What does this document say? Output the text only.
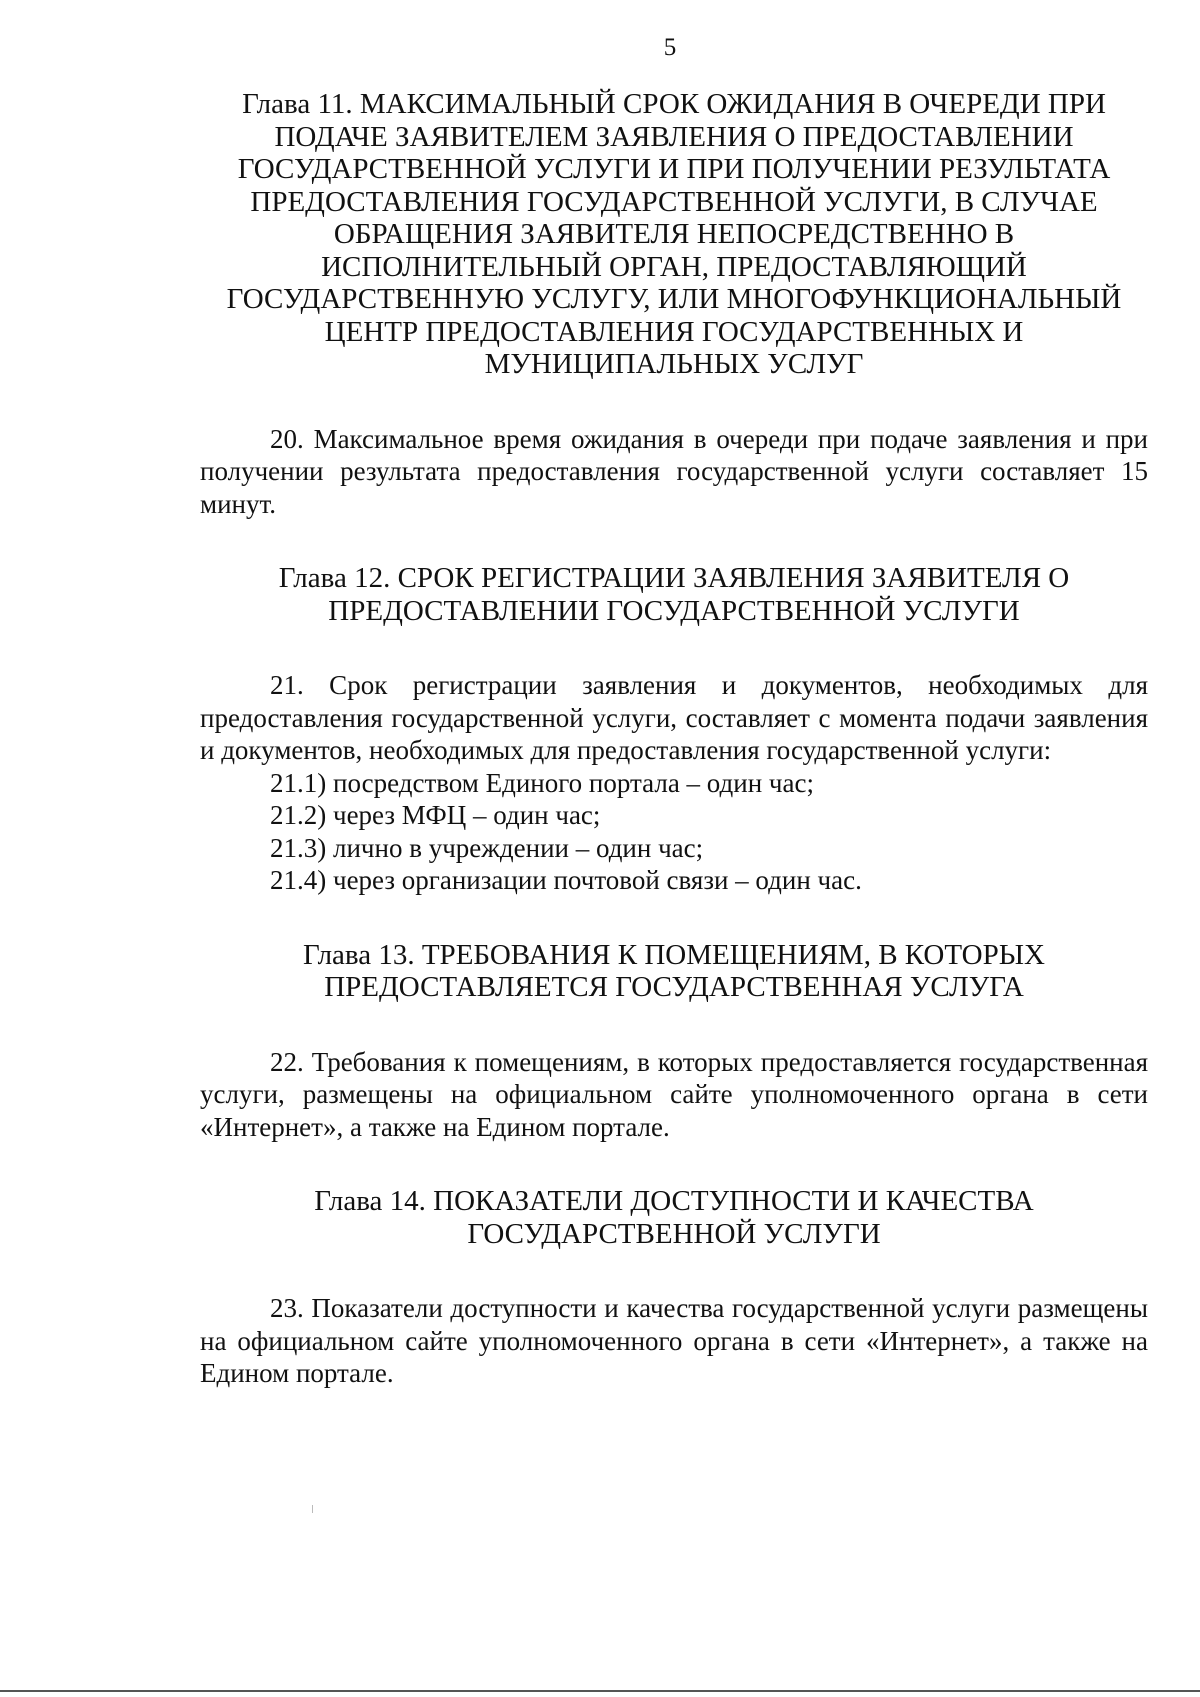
5
Глава 11. МАКСИМАЛЬНЫЙ СРОК ОЖИДАНИЯ В ОЧЕРЕДИ ПРИ ПОДАЧЕ ЗАЯВИТЕЛЕМ ЗАЯВЛЕНИЯ О ПРЕДОСТАВЛЕНИИ ГОСУДАРСТВЕННОЙ УСЛУГИ И ПРИ ПОЛУЧЕНИИ РЕЗУЛЬТАТА ПРЕДОСТАВЛЕНИЯ ГОСУДАРСТВЕННОЙ УСЛУГИ, В СЛУЧАЕ ОБРАЩЕНИЯ ЗАЯВИТЕЛЯ НЕПОСРЕДСТВЕННО В ИСПОЛНИТЕЛЬНЫЙ ОРГАН, ПРЕДОСТАВЛЯЮЩИЙ ГОСУДАРСТВЕННУЮ УСЛУГУ, ИЛИ МНОГОФУНКЦИОНАЛЬНЫЙ ЦЕНТР ПРЕДОСТАВЛЕНИЯ ГОСУДАРСТВЕННЫХ И МУНИЦИПАЛЬНЫХ УСЛУГ

20. Максимальное время ожидания в очереди при подаче заявления и при получении результата предоставления государственной услуги составляет 15 минут.

Глава 12. СРОК РЕГИСТРАЦИИ ЗАЯВЛЕНИЯ ЗАЯВИТЕЛЯ О ПРЕДОСТАВЛЕНИИ ГОСУДАРСТВЕННОЙ УСЛУГИ

21. Срок регистрации заявления и документов, необходимых для предоставления государственной услуги, составляет с момента подачи заявления и документов, необходимых для предоставления государственной услуги:

21.1) посредством Единого портала – один час;

21.2) через МФЦ – один час;

21.3) лично в учреждении – один час;

21.4) через организации почтовой связи – один час.

Глава 13. ТРЕБОВАНИЯ К ПОМЕЩЕНИЯМ, В КОТОРЫХ ПРЕДОСТАВЛЯЕТСЯ ГОСУДАРСТВЕННАЯ УСЛУГА

22. Требования к помещениям, в которых предоставляется государственная услуги, размещены на официальном сайте уполномоченного органа в сети «Интернет», а также на Едином портале.

Глава 14. ПОКАЗАТЕЛИ ДОСТУПНОСТИ И КАЧЕСТВА ГОСУДАРСТВЕННОЙ УСЛУГИ

23. Показатели доступности и качества государственной услуги размещены на официальном сайте уполномоченного органа в сети «Интернет», а также на Едином портале.
